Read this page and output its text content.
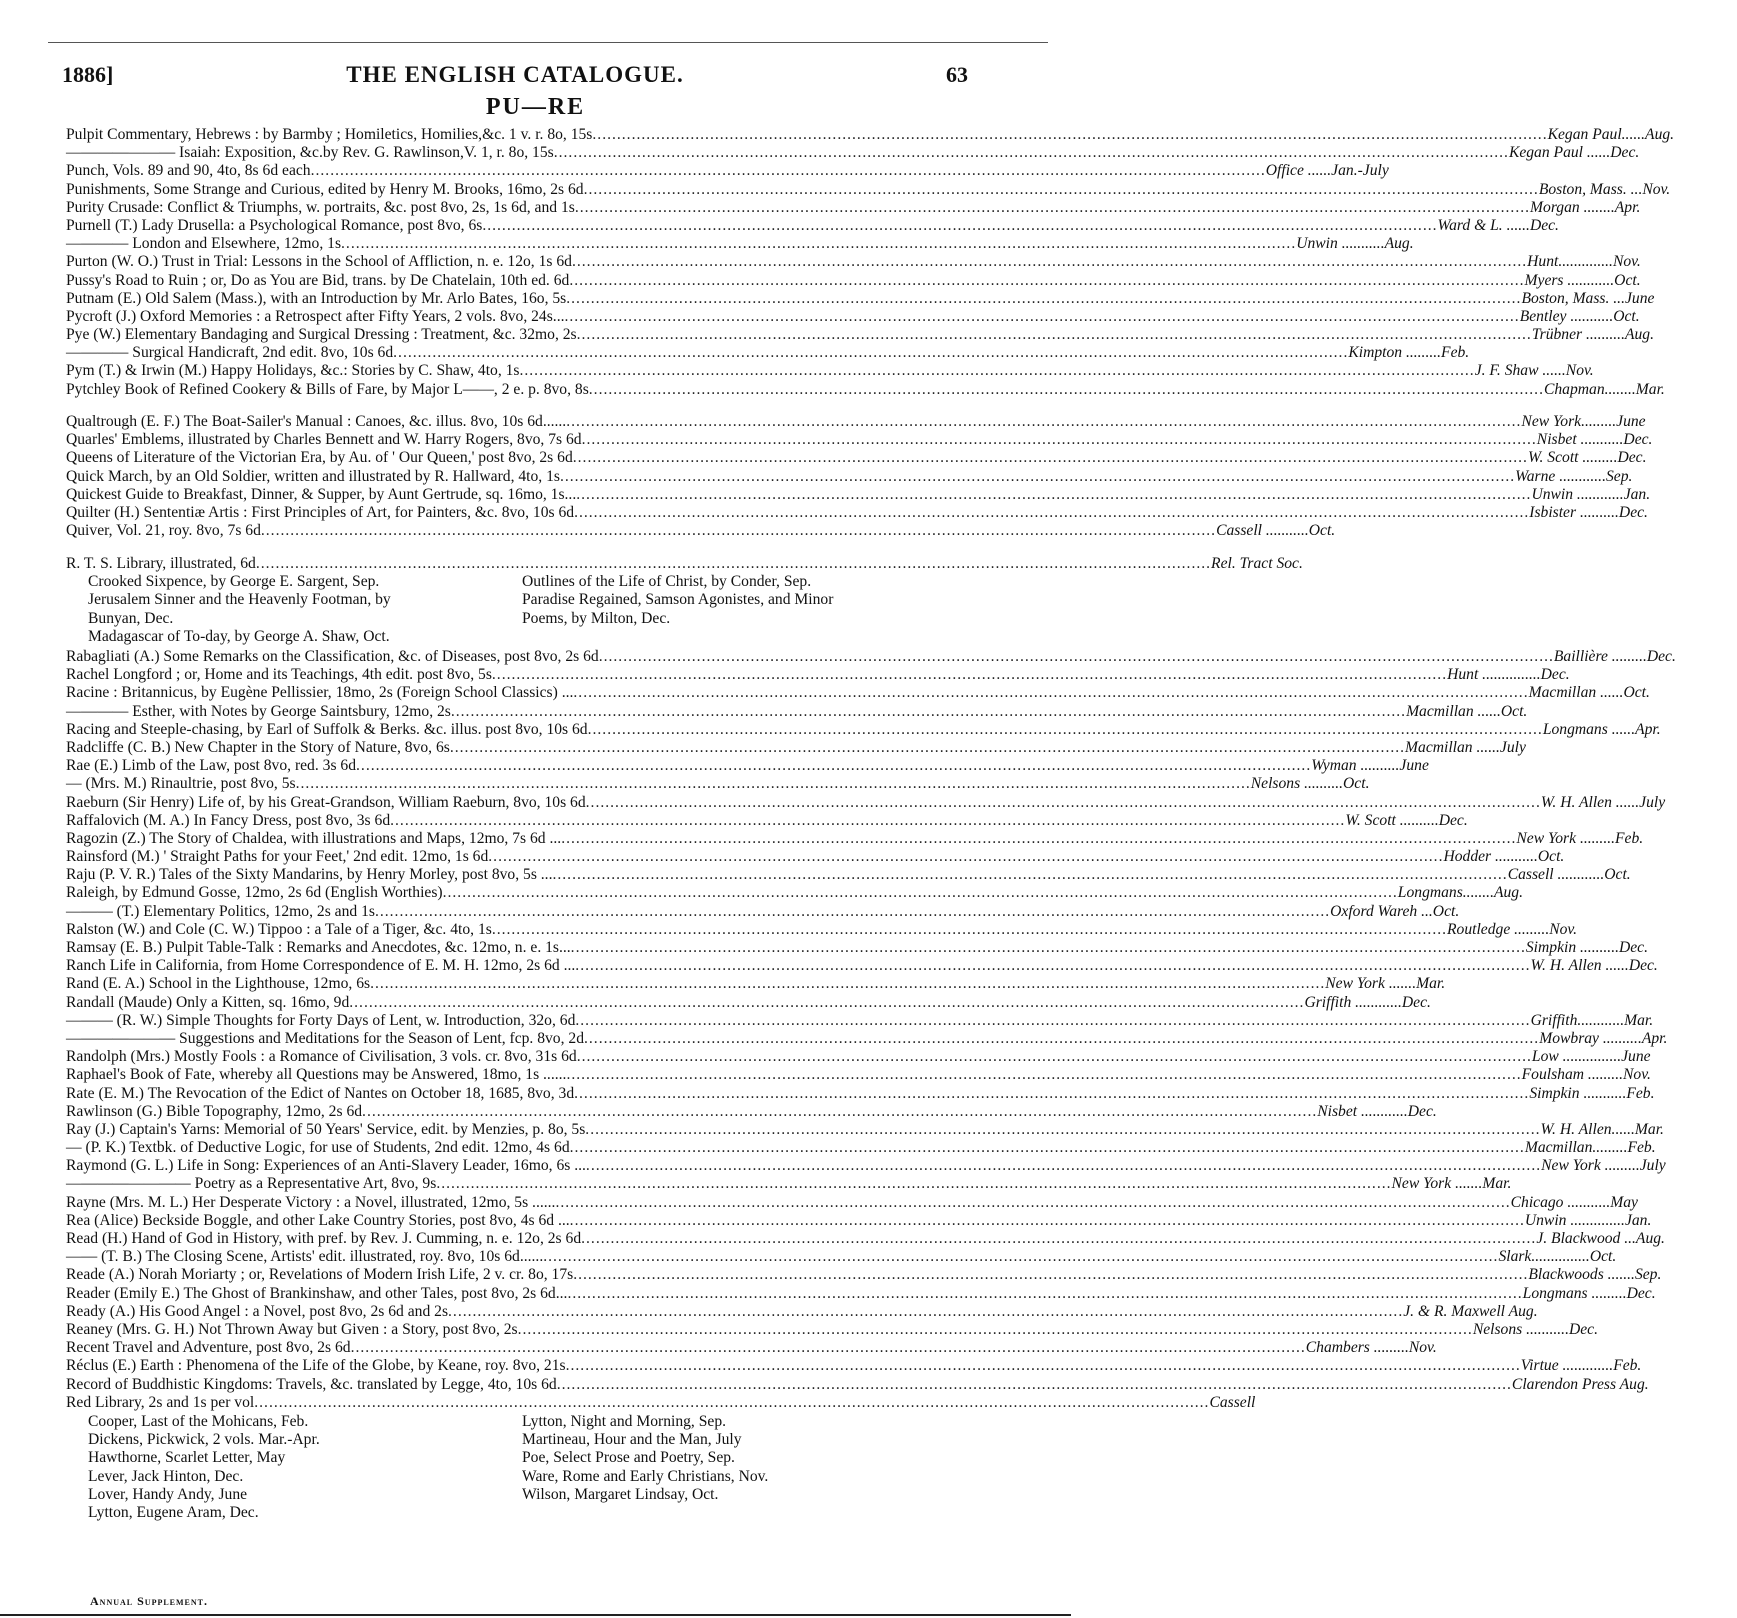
1886]	THE ENGLISH CATALOGUE.	63
PU—RE
Pulpit Commentary, Hebrews : by Barmby ; Homiletics, Homilies,&c. 1 v. r. 8o, 15s .....	Kegan Paul......Aug.
——————— Isaiah: Exposition, &c.by Rev. G. Rawlinson,V. 1, r. 8o, 15s .....	Kegan Paul ......Dec.
Punch, Vols. 89 and 90, 4to, 8s 6d each .....	Office ......Jan.-July
Punishments, Some Strange and Curious, edited by Henry M. Brooks, 16mo, 2s 6d .....	Boston, Mass. ...Nov.
Purity Crusade: Conflict & Triumphs, w. portraits, &c. post 8vo, 2s, 1s 6d, and 1s .....	Morgan ........Apr.
Purnell (T.) Lady Drusella: a Psychological Romance, post 8vo, 6s .....	Ward & L. ......Dec.
———— London and Elsewhere, 12mo, 1s .....	Unwin ...........Aug.
Purton (W. O.) Trust in Trial: Lessons in the School of Affliction, n. e. 12o, 1s 6d .....	Hunt..............Nov.
Pussy's Road to Ruin ; or, Do as You are Bid, trans. by De Chatelain, 10th ed. 6d .....	Myers ............Oct.
Putnam (E.) Old Salem (Mass.), with an Introduction by Mr. Arlo Bates, 16o, 5s .....	Boston, Mass. ...June
Pycroft (J.) Oxford Memories : a Retrospect after Fifty Years, 2 vols. 8vo, 24s... .....	Bentley ...........Oct.
Pye (W.) Elementary Bandaging and Surgical Dressing : Treatment, &c. 32mo, 2s .....	Trübner ..........Aug.
———— Surgical Handicraft, 2nd edit. 8vo, 10s 6d .....	Kimpton .........Feb.
Pym (T.) & Irwin (M.) Happy Holidays, &c.: Stories by C. Shaw, 4to, 1s .....	J. F. Shaw ......Nov.
Pytchley Book of Refined Cookery & Bills of Fare, by Major L——, 2 e. p. 8vo, 8s .....	Chapman........Mar.
Qualtrough (E. F.) The Boat-Sailer's Manual : Canoes, &c. illus. 8vo, 10s 6d...... .....	New York.........June
Quarles' Emblems, illustrated by Charles Bennett and W. Harry Rogers, 8vo, 7s 6d .....	Nisbet ...........Dec.
Queens of Literature of the Victorian Era, by Au. of ' Our Queen,' post 8vo, 2s 6d .....	W. Scott .........Dec.
Quick March, by an Old Soldier, written and illustrated by R. Hallward, 4to, 1s .....	Warne ............Sep.
Quickest Guide to Breakfast, Dinner, & Supper, by Aunt Gertrude, sq. 16mo, 1s... .....	Unwin ............Jan.
Quilter (H.) Sententiæ Artis : First Principles of Art, for Painters, &c. 8vo, 10s 6d .....	Isbister ..........Dec.
Quiver, Vol. 21, roy. 8vo, 7s 6d .....	Cassell ...........Oct.
R. T. S. Library, illustrated, 6d .....	Rel. Tract Soc.
Crooked Sixpence, by George E. Sargent, Sep.	Outlines of the Life of Christ, by Conder, Sep.
Jerusalem Sinner and the Heavenly Footman, by	Paradise Regained, Samson Agonistes, and Minor
Bunyan, Dec.	Poems, by Milton, Dec.
Madagascar of To-day, by George A. Shaw, Oct.
Rabagliati (A.) Some Remarks on the Classification, &c. of Diseases, post 8vo, 2s 6d .....	Baillière .........Dec.
Rachel Longford ; or, Home and its Teachings, 4th edit. post 8vo, 5s .....	Hunt ...............Dec.
Racine : Britannicus, by Eugène Pellissier, 18mo, 2s (Foreign School Classics) ... .....	Macmillan ......Oct.
———— Esther, with Notes by George Saintsbury, 12mo, 2s .....	Macmillan ......Oct.
Racing and Steeple-chasing, by Earl of Suffolk & Berks. &c. illus. post 8vo, 10s 6d .....	Longmans ......Apr.
Radcliffe (C. B.) New Chapter in the Story of Nature, 8vo, 6s .....	Macmillan ......July
Rae (E.) Limb of the Law, post 8vo, red. 3s 6d .....	Wyman ..........June
— (Mrs. M.) Rinaultrie, post 8vo, 5s .....	Nelsons ..........Oct.
Raeburn (Sir Henry) Life of, by his Great-Grandson, William Raeburn, 8vo, 10s 6d .....	W. H. Allen ......July
Raffalovich (M. A.) In Fancy Dress, post 8vo, 3s 6d .....	W. Scott ..........Dec.
Ragozin (Z.) The Story of Chaldea, with illustrations and Maps, 12mo, 7s 6d ... .....	New York .........Feb.
Rainsford (M.) ' Straight Paths for your Feet,' 2nd edit. 12mo, 1s 6d .....	Hodder ...........Oct.
Raju (P. V. R.) Tales of the Sixty Mandarins, by Henry Morley, post 8vo, 5s ... .....	Cassell ............Oct.
Raleigh, by Edmund Gosse, 12mo, 2s 6d (English Worthies) .....	Longmans........Aug.
——— (T.) Elementary Politics, 12mo, 2s and 1s .....	Oxford Wareh ...Oct.
Ralston (W.) and Cole (C. W.) Tippoo : a Tale of a Tiger, &c. 4to, 1s .....	Routledge .........Nov.
Ramsay (E. B.) Pulpit Table-Talk : Remarks and Anecdotes, &c. 12mo, n. e. 1s... .....	Simpkin ..........Dec.
Ranch Life in California, from Home Correspondence of E. M. H. 12mo, 2s 6d ... .....	W. H. Allen ......Dec.
Rand (E. A.) School in the Lighthouse, 12mo, 6s .....	New York .......Mar.
Randall (Maude) Only a Kitten, sq. 16mo, 9d .....	Griffith ............Dec.
——— (R. W.) Simple Thoughts for Forty Days of Lent, w. Introduction, 32o, 6d .....	Griffith............Mar.
——————— Suggestions and Meditations for the Season of Lent, fcp. 8vo, 2d .....	Mowbray ..........Apr.
Randolph (Mrs.) Mostly Fools : a Romance of Civilisation, 3 vols. cr. 8vo, 31s 6d .....	Low ...............June
Raphael's Book of Fate, whereby all Questions may be Answered, 18mo, 1s ...... .....	Foulsham .........Nov.
Rate (E. M.) The Revocation of the Edict of Nantes on October 18, 1685, 8vo, 3d .....	Simpkin ...........Feb.
Rawlinson (G.) Bible Topography, 12mo, 2s 6d .....	Nisbet ............Dec.
Ray (J.) Captain's Yarns: Memorial of 50 Years' Service, edit. by Menzies, p. 8o, 5s .....	W. H. Allen......Mar.
— (P. K.) Textbk. of Deductive Logic, for use of Students, 2nd edit. 12mo, 4s 6d .....	Macmillan.........Feb.
Raymond (G. L.) Life in Song: Experiences of an Anti-Slavery Leader, 16mo, 6s ... .....	New York .........July
———————— Poetry as a Representative Art, 8vo, 9s .....	New York .......Mar.
Rayne (Mrs. M. L.) Her Desperate Victory : a Novel, illustrated, 12mo, 5s ...... .....	Chicago ...........May
Rea (Alice) Beckside Boggle, and other Lake Country Stories, post 8vo, 4s 6d ... .....	Unwin ..............Jan.
Read (H.) Hand of God in History, with pref. by Rev. J. Cumming, n. e. 12o, 2s 6d .....	J. Blackwood ...Aug.
—— (T. B.) The Closing Scene, Artists' edit. illustrated, roy. 8vo, 10s 6d...... .....	Slark...............Oct.
Reade (A.) Norah Moriarty ; or, Revelations of Modern Irish Life, 2 v. cr. 8o, 17s .....	Blackwoods .......Sep.
Reader (Emily E.) The Ghost of Brankinshaw, and other Tales, post 8vo, 2s 6d... .....	Longmans .........Dec.
Ready (A.) His Good Angel : a Novel, post 8vo, 2s 6d and 2s .....	J. & R. Maxwell Aug.
Reaney (Mrs. G. H.) Not Thrown Away but Given : a Story, post 8vo, 2s .....	Nelsons ...........Dec.
Recent Travel and Adventure, post 8vo, 2s 6d .....	Chambers .........Nov.
Réclus (E.) Earth : Phenomena of the Life of the Globe, by Keane, roy. 8vo, 21s .....	Virtue .............Feb.
Record of Buddhistic Kingdoms: Travels, &c. translated by Legge, 4to, 10s 6d .....	Clarendon Press Aug.
Red Library, 2s and 1s per vol .....	Cassell
Cooper, Last of the Mohicans, Feb.	Lytton, Night and Morning, Sep.
Dickens, Pickwick, 2 vols. Mar.-Apr.	Martineau, Hour and the Man, July
Hawthorne, Scarlet Letter, May	Poe, Select Prose and Poetry, Sep.
Lever, Jack Hinton, Dec.	Ware, Rome and Early Christians, Nov.
Lover, Handy Andy, June	Wilson, Margaret Lindsay, Oct.
Lytton, Eugene Aram, Dec.
Annual Supplement.
